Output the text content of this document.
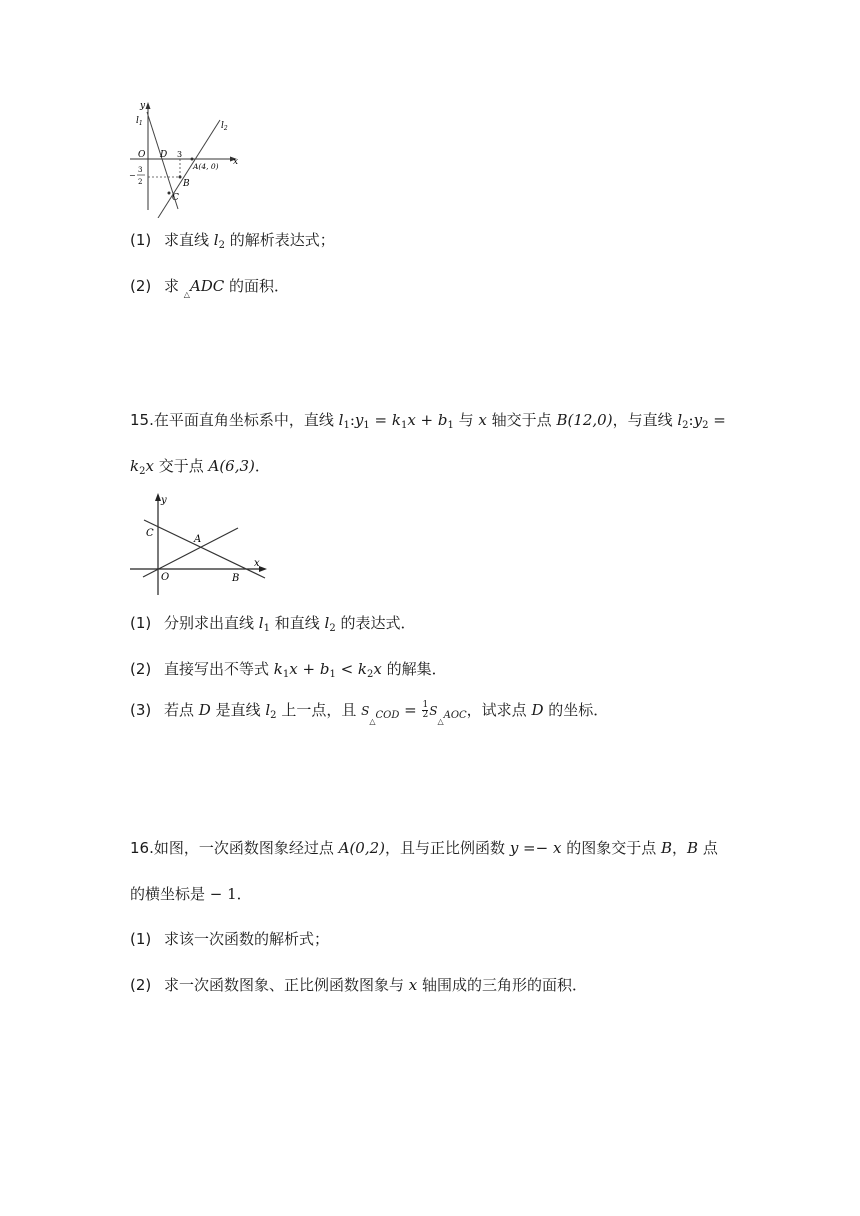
y
x
$l_1$	$l_2$
O D 3
A(4, 0)
−
3
2	B
C
(1) 求直线 $l_2$ 的解析表达式；
(2) 求 $_\triangle$ADC 的面积．
15.在平面直角坐标系中，直线 $l_1:y_1 = k_1x + b_1$ 与 x 轴交于点 B(12,0)，与直线 $l_2:y_2$ =
$k_2x$ 交于点 A(6,3)．
y
x
C
A
O	B
(1) 分别求出直线 $l_1$ 和直线 $l_2$ 的表达式．
(2) 直接写出不等式 $k_1x + b_1 < k_2x$ 的解集．
(3) 若点 D 是直线 $l_2$ 上一点，且 $S_{_\triangle COD} = \frac{1}{2} S_{_\triangle AOC}$，试求点 D 的坐标．
16.如图，一次函数图象经过点 A(0,2)，且与正比例函数 y =− x 的图象交于点 B，B 点
的横坐标是 − 1．
(1) 求该一次函数的解析式；
(2) 求一次函数图象、正比例函数图象与 x 轴围成的三角形的面积．
